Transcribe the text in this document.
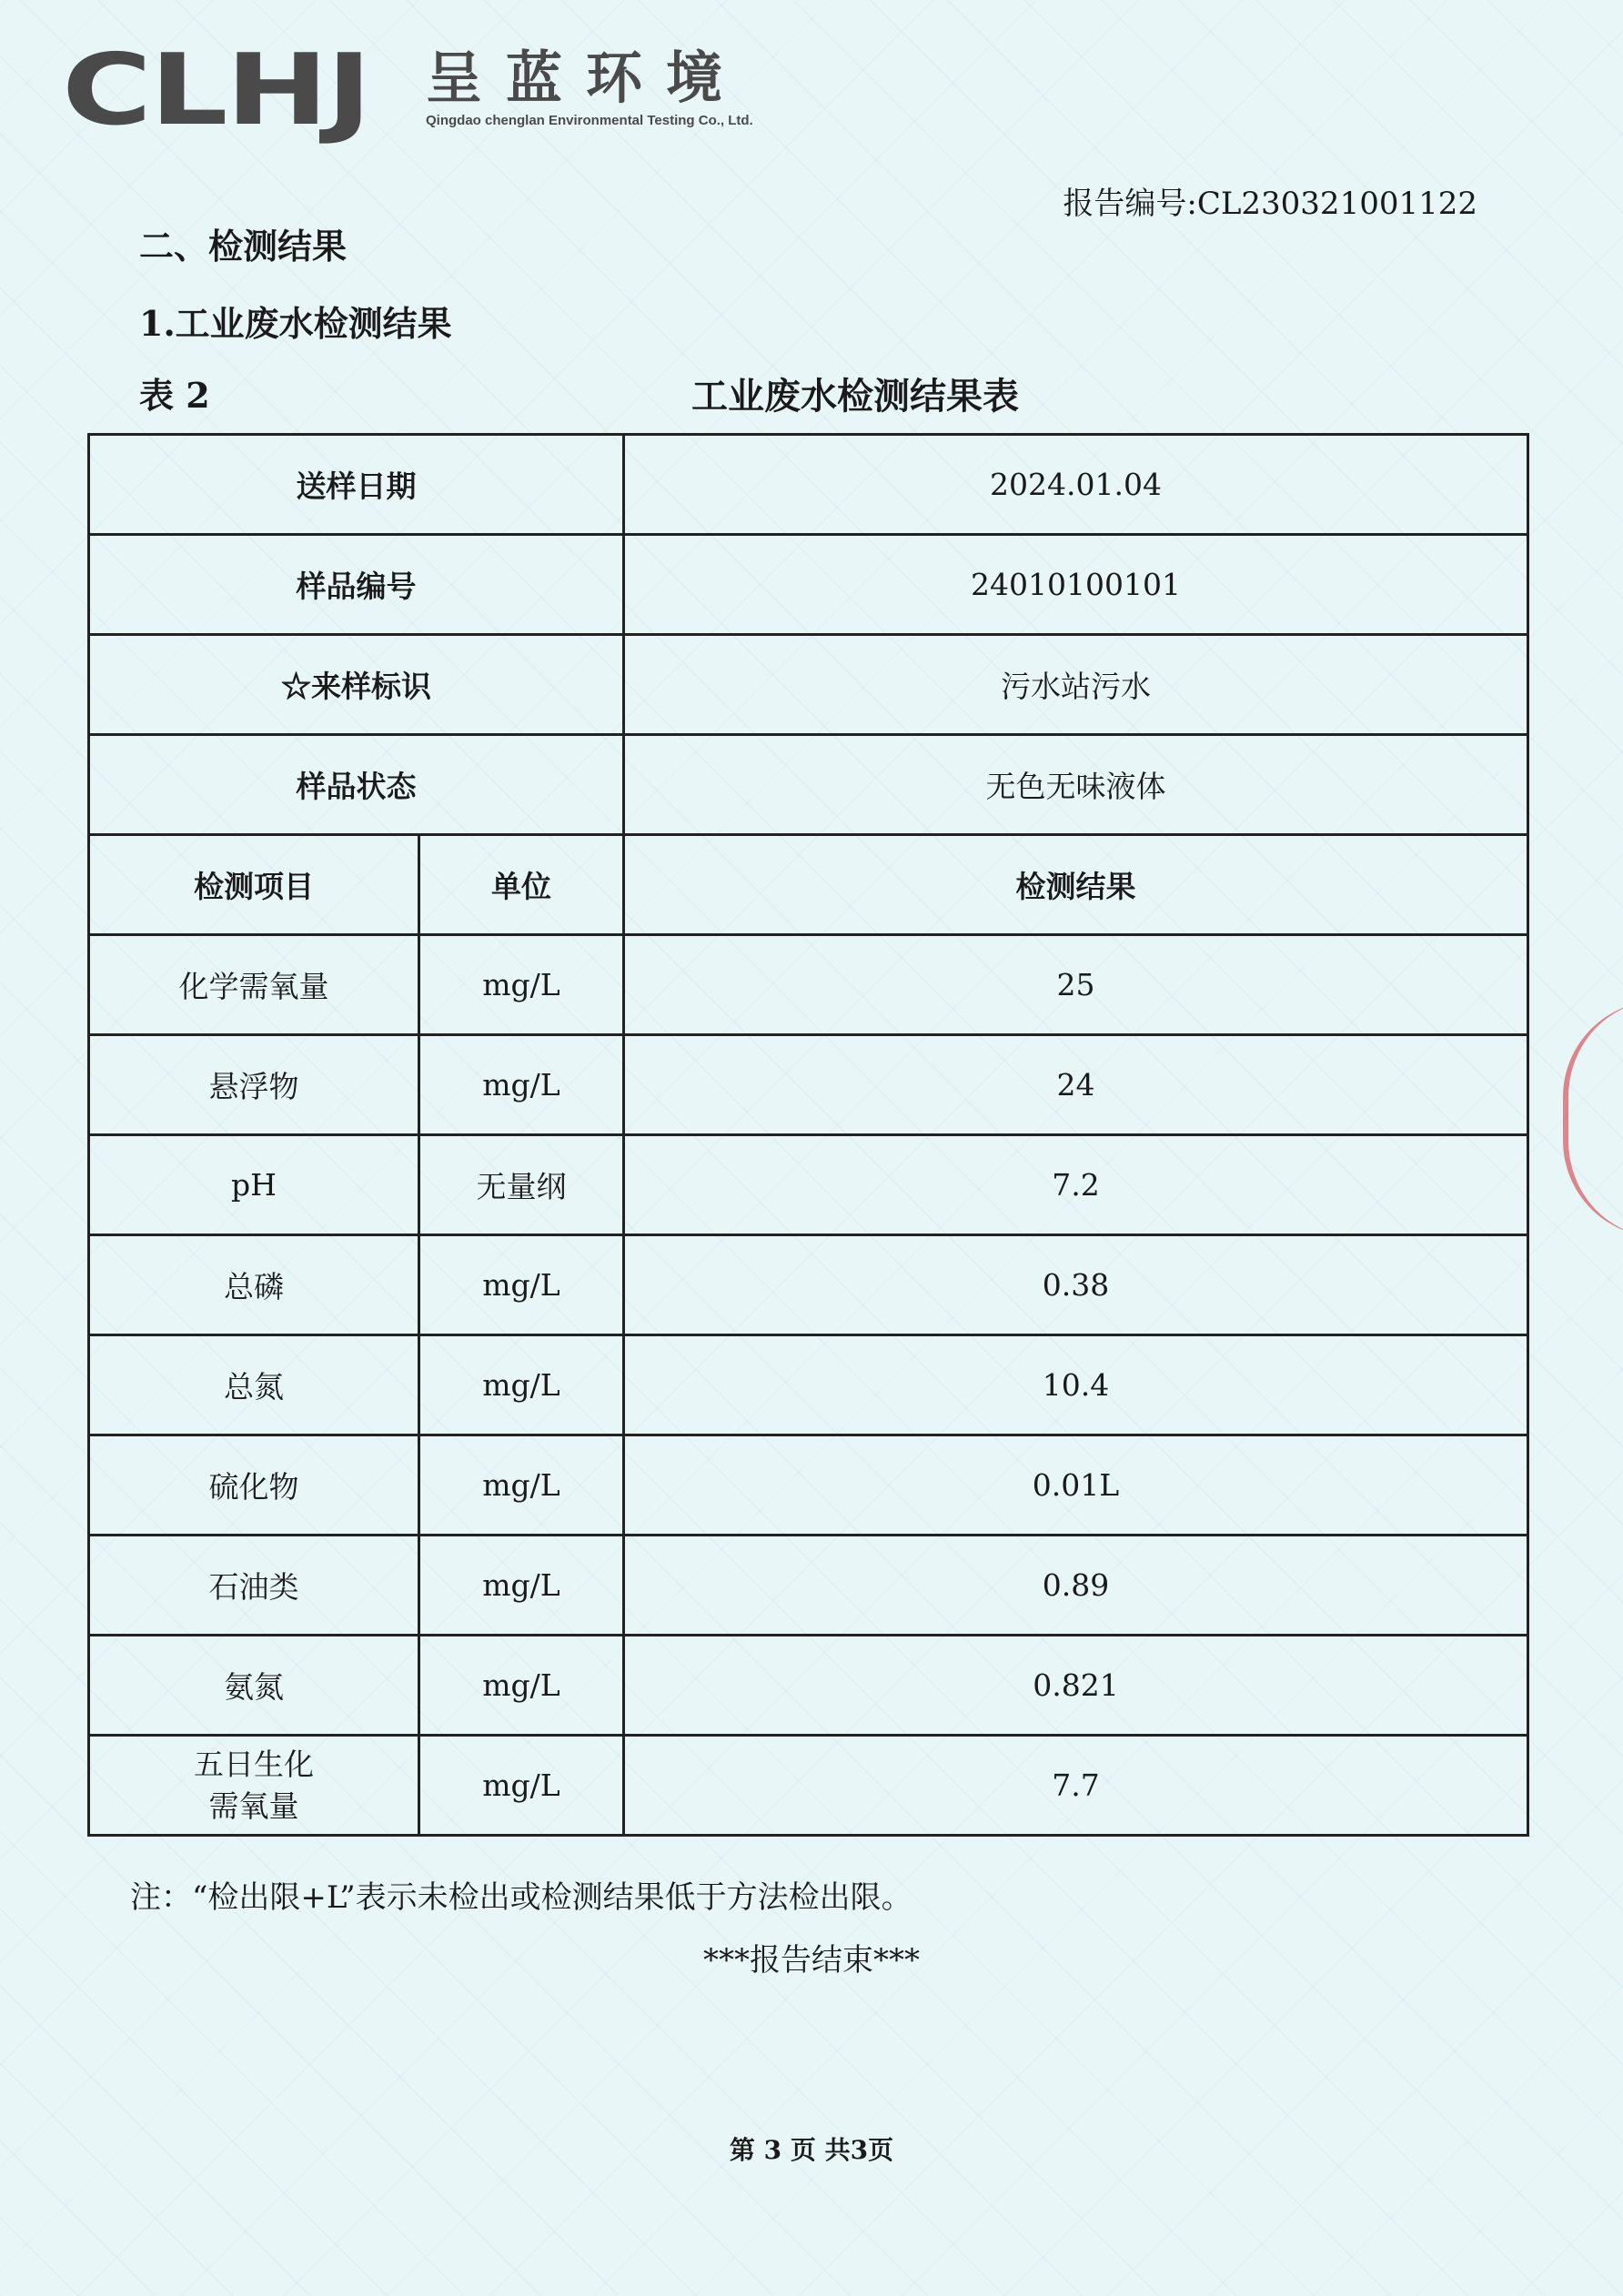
CLHJ 呈蓝环境
Qingdao chenglan Environmental Testing Co., Ltd.
报告编号:CL230321001122
二、检测结果
1.工业废水检测结果
表 2	工业废水检测结果表
送样日期		2024.01.04
样品编号		24010100101
☆来样标识		污水站污水
样品状态		无色无味液体
检测项目	单位	检测结果
化学需氧量	mg/L	25
悬浮物	mg/L	24
pH	无量纲	7.2
总磷	mg/L	0.38
总氮	mg/L	10.4
硫化物	mg/L	0.01L
石油类	mg/L	0.89
氨氮	mg/L	0.821

五日生化
需氧量	mg/L	7.7
注：“检出限+L”表示未检出或检测结果低于方法检出限。
***报告结束***
第 3 页 共3页
